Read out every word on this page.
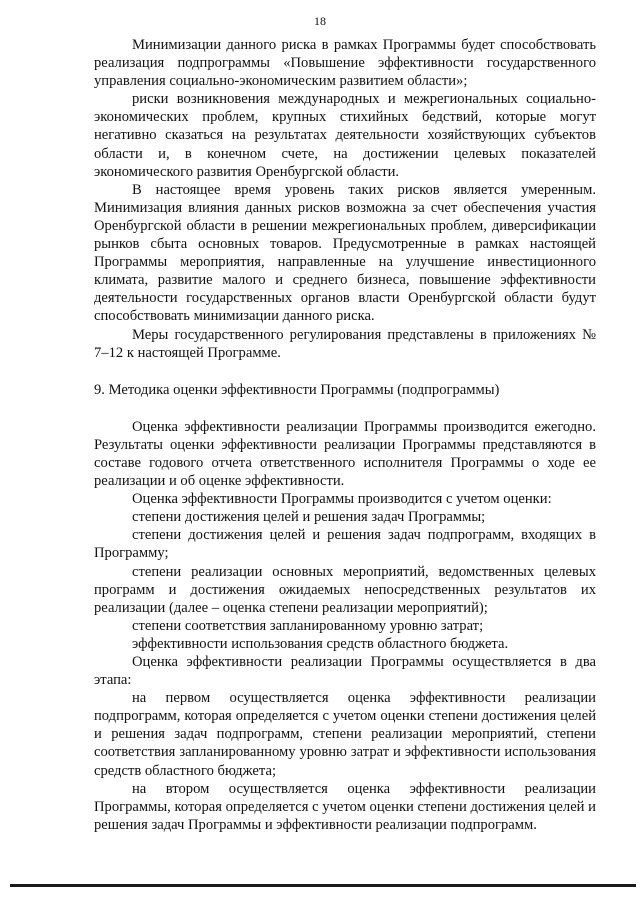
18

Минимизации данного риска в рамках Программы будет способствовать реализация подпрограммы «Повышение эффективности государственного управления социально-экономическим развитием области»;

риски возникновения международных и межрегиональных социально-экономических проблем, крупных стихийных бедствий, которые могут негативно сказаться на результатах деятельности хозяйствующих субъектов области и, в конечном счете, на достижении целевых показателей экономического развития Оренбургской области.

В настоящее время уровень таких рисков является умеренным. Минимизация влияния данных рисков возможна за счет обеспечения участия Оренбургской области в решении межрегиональных проблем, диверсификации рынков сбыта основных товаров. Предусмотренные в рамках настоящей Программы мероприятия, направленные на улучшение инвестиционного климата, развитие малого и среднего бизнеса, повышение эффективности деятельности государственных органов власти Оренбургской области будут способствовать минимизации данного риска.

Меры государственного регулирования представлены в приложениях № 7–12 к настоящей Программе.

9. Методика оценки эффективности Программы (подпрограммы)

Оценка эффективности реализации Программы производится ежегодно. Результаты оценки эффективности реализации Программы представляются в составе годового отчета ответственного исполнителя Программы о ходе ее реализации и об оценке эффективности.

Оценка эффективности Программы производится с учетом оценки:

степени достижения целей и решения задач Программы;

степени достижения целей и решения задач подпрограмм, входящих в Программу;

степени реализации основных мероприятий, ведомственных целевых программ и достижения ожидаемых непосредственных результатов их реализации (далее – оценка степени реализации мероприятий);

степени соответствия запланированному уровню затрат;

эффективности использования средств областного бюджета.

Оценка эффективности реализации Программы осуществляется в два этапа:

на первом осуществляется оценка эффективности реализации подпрограмм, которая определяется с учетом оценки степени достижения целей и решения задач подпрограмм, степени реализации мероприятий, степени соответствия запланированному уровню затрат и эффективности использования средств областного бюджета;

на втором осуществляется оценка эффективности реализации Программы, которая определяется с учетом оценки степени достижения целей и решения задач Программы и эффективности реализации подпрограмм.
